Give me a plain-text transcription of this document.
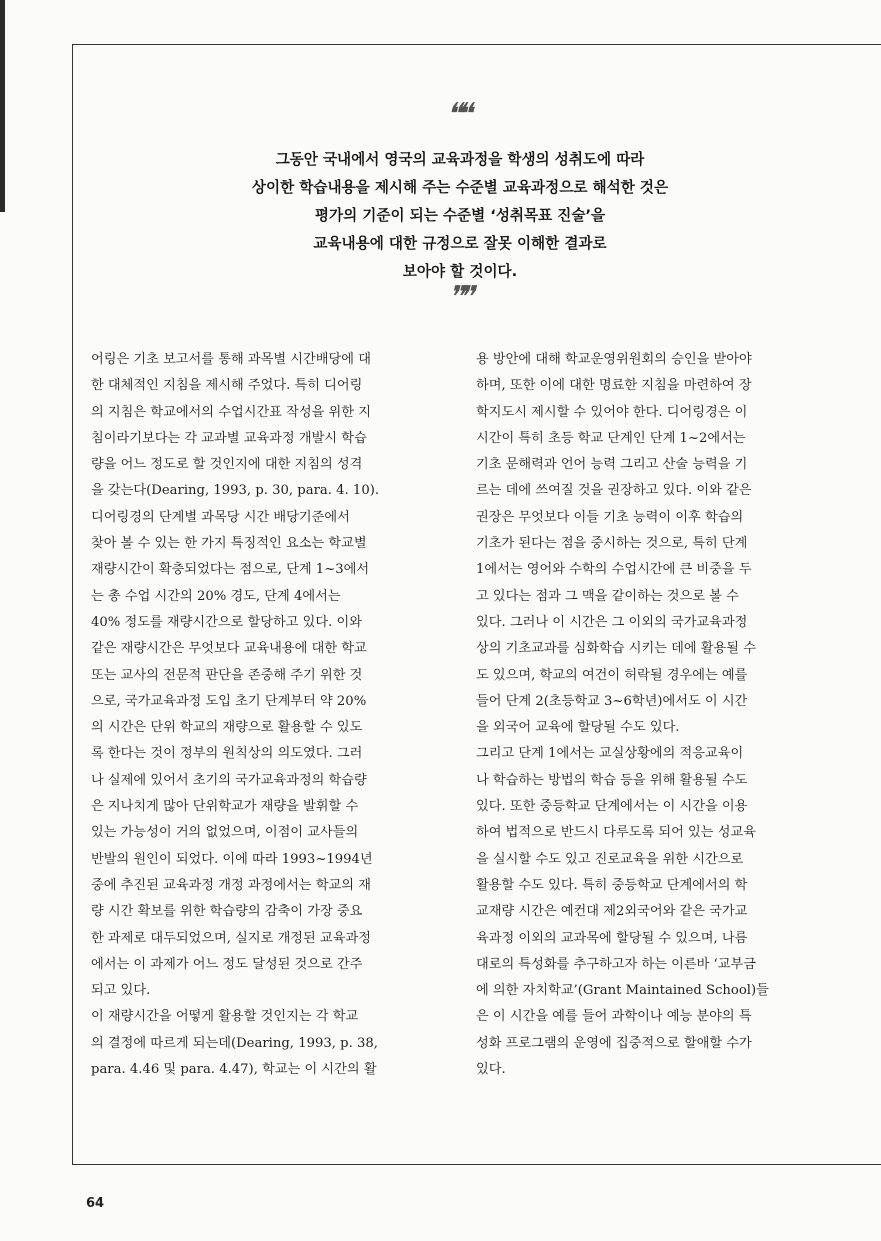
❝❝
그동안 국내에서 영국의 교육과정을 학생의 성취도에 따라
상이한 학습내용을 제시해 주는 수준별 교육과정으로 해석한 것은
평가의 기준이 되는 수준별 ‘성취목표 진술’을
교육내용에 대한 규정으로 잘못 이해한 결과로
보아야 할 것이다.
❞❞
어링은 기초 보고서를 통해 과목별 시간배당에 대
한 대체적인 지침을 제시해 주었다. 특히 디어링
의 지침은 학교에서의 수업시간표 작성을 위한 지
침이라기보다는 각 교과별 교육과정 개발시 학습
량을 어느 정도로 할 것인지에 대한 지침의 성격
을 갖는다(Dearing, 1993, p. 30, para. 4. 10).
디어링경의 단계별 과목당 시간 배당기준에서
찾아 볼 수 있는 한 가지 특징적인 요소는 학교별
재량시간이 확충되었다는 점으로, 단계 1~3에서
는 총 수업 시간의 20% 경도, 단계 4에서는
40% 정도를 재량시간으로 할당하고 있다. 이와
같은 재량시간은 무엇보다 교육내용에 대한 학교
또는 교사의 전문적 판단을 존중해 주기 위한 것
으로, 국가교육과정 도입 초기 단계부터 약 20%
의 시간은 단위 학교의 재량으로 활용할 수 있도
록 한다는 것이 정부의 원칙상의 의도였다. 그러
나 실제에 있어서 초기의 국가교육과정의 학습량
은 지나치게 많아 단위학교가 재량을 발휘할 수
있는 가능성이 거의 없었으며, 이점이 교사들의
반발의 원인이 되었다. 이에 따라 1993~1994년
중에 추진된 교육과정 개정 과정에서는 학교의 재
량 시간 확보를 위한 학습량의 감축이 가장 중요
한 과제로 대두되었으며, 실지로 개정된 교육과정
에서는 이 과제가 어느 정도 달성된 것으로 간주
되고 있다.
이 재량시간을 어떻게 활용할 것인지는 각 학교
의 결정에 따르게 되는데(Dearing, 1993, p. 38,
para. 4.46 및 para. 4.47), 학교는 이 시간의 활
용 방안에 대해 학교운영위원회의 승인을 받아야
하며, 또한 이에 대한 명료한 지침을 마련하여 장
학지도시 제시할 수 있어야 한다. 디어링경은 이
시간이 특히 초등 학교 단계인 단계 1~2에서는
기초 문해력과 언어 능력 그리고 산술 능력을 기
르는 데에 쓰여질 것을 권장하고 있다. 이와 같은
권장은 무엇보다 이들 기초 능력이 이후 학습의
기초가 된다는 점을 중시하는 것으로, 특히 단계
1에서는 영어와 수학의 수업시간에 큰 비중을 두
고 있다는 점과 그 맥을 같이하는 것으로 볼 수
있다. 그러나 이 시간은 그 이외의 국가교육과정
상의 기초교과를 심화학습 시키는 데에 활용될 수
도 있으며, 학교의 여건이 허락될 경우에는 예를
들어 단계 2(초등학교 3~6학년)에서도 이 시간
을 외국어 교육에 할당될 수도 있다.
그리고 단계 1에서는 교실상황에의 적응교육이
나 학습하는 방법의 학습 등을 위해 활용될 수도
있다. 또한 중등학교 단계에서는 이 시간을 이용
하여 법적으로 반드시 다루도록 되어 있는 성교육
을 실시할 수도 있고 진로교육을 위한 시간으로
활용할 수도 있다. 특히 중등학교 단계에서의 학
교재량 시간은 예컨대 제2외국어와 같은 국가교
육과정 이외의 교과목에 할당될 수 있으며, 나름
대로의 특성화를 추구하고자 하는 이른바 ‘교부금
에 의한 자치학교’(Grant Maintained School)들
은 이 시간을 예를 들어 과학이나 예능 분야의 특
성화 프로그램의 운영에 집중적으로 할애할 수가
있다.
64
